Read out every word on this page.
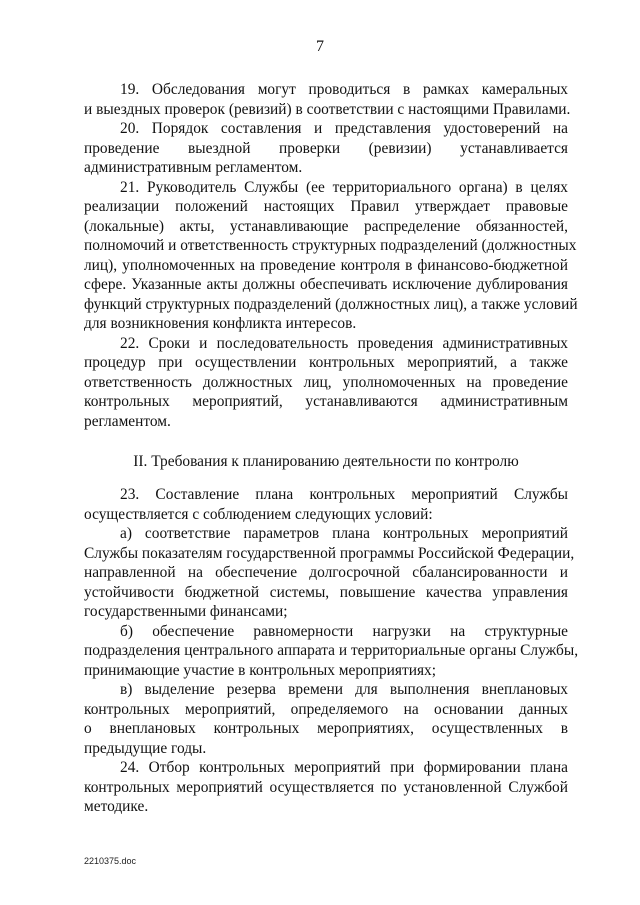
7
19. Обследования могут проводиться в рамках камеральных
и выездных проверок (ревизий) в соответствии с настоящими Правилами.
20. Порядок составления и представления удостоверений на
проведение выездной проверки (ревизии) устанавливается
административным регламентом.
21. Руководитель Службы (ее территориального органа) в целях
реализации положений настоящих Правил утверждает правовые
(локальные) акты, устанавливающие распределение обязанностей,
полномочий и ответственность структурных подразделений (должностных
лиц), уполномоченных на проведение контроля в финансово-бюджетной
сфере. Указанные акты должны обеспечивать исключение дублирования
функций структурных подразделений (должностных лиц), а также условий
для возникновения конфликта интересов.
22. Сроки и последовательность проведения административных
процедур при осуществлении контрольных мероприятий, а также
ответственность должностных лиц, уполномоченных на проведение
контрольных мероприятий, устанавливаются административным
регламентом.
II. Требования к планированию деятельности по контролю
23. Составление плана контрольных мероприятий Службы
осуществляется с соблюдением следующих условий:
а) соответствие параметров плана контрольных мероприятий
Службы показателям государственной программы Российской Федерации,
направленной на обеспечение долгосрочной сбалансированности и
устойчивости бюджетной системы, повышение качества управления
государственными финансами;
б) обеспечение равномерности нагрузки на структурные
подразделения центрального аппарата и территориальные органы Службы,
принимающие участие в контрольных мероприятиях;
в) выделение резерва времени для выполнения внеплановых
контрольных мероприятий, определяемого на основании данных
о внеплановых контрольных мероприятиях, осуществленных в
предыдущие годы.
24. Отбор контрольных мероприятий при формировании плана
контрольных мероприятий осуществляется по установленной Службой
методике.
2210375.doc
